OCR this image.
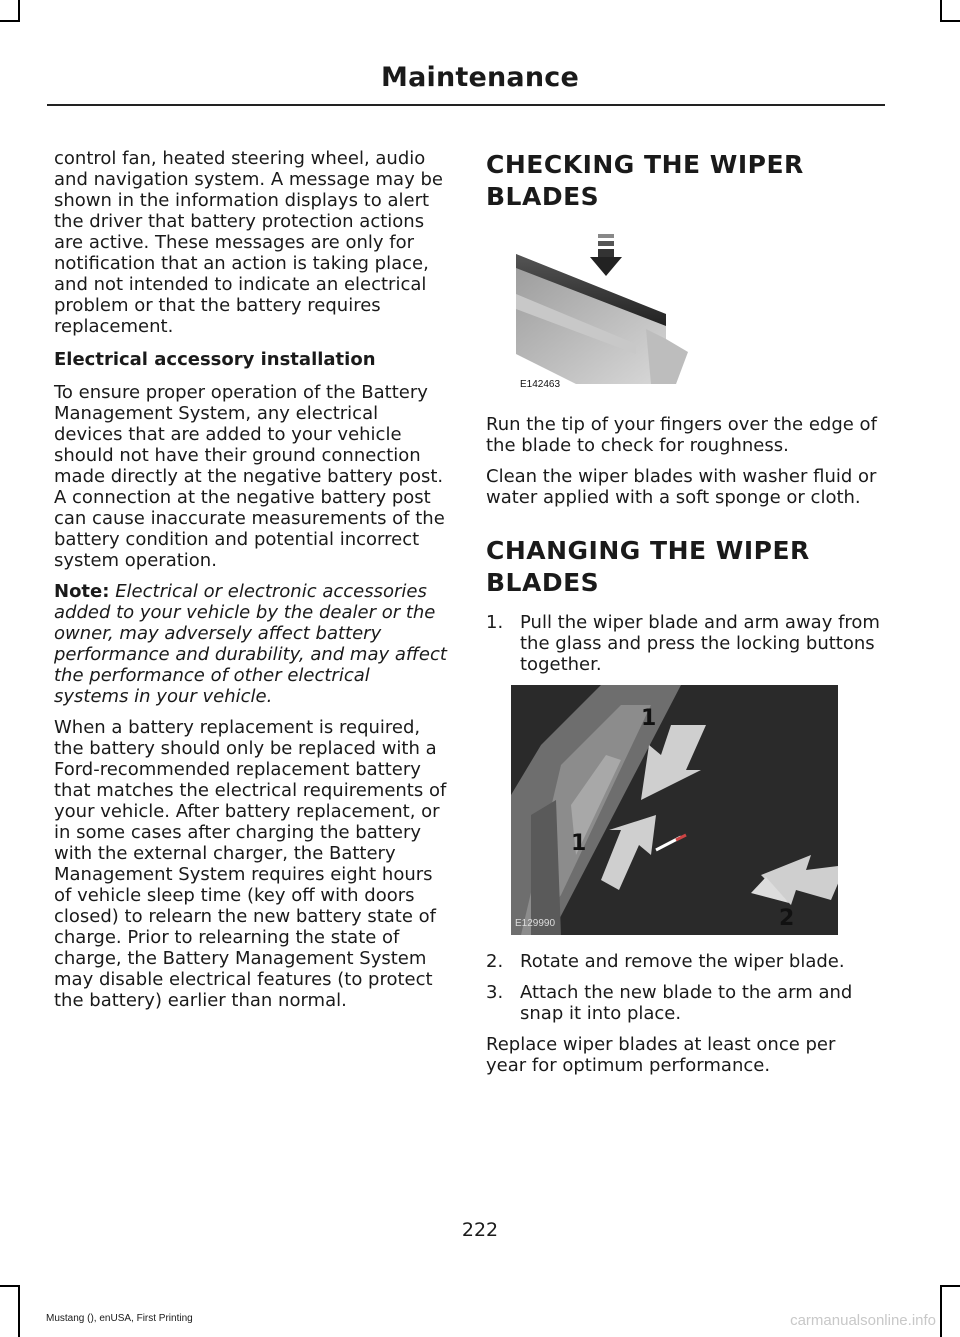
Maintenance

control fan, heated steering wheel, audio and navigation system. A message may be shown in the information displays to alert the driver that battery protection actions are active. These messages are only for notification that an action is taking place, and not intended to indicate an electrical problem or that the battery requires replacement.

Electrical accessory installation

To ensure proper operation of the Battery Management System, any electrical devices that are added to your vehicle should not have their ground connection made directly at the negative battery post. A connection at the negative battery post can cause inaccurate measurements of the battery condition and potential incorrect system operation.

Note: Electrical or electronic accessories added to your vehicle by the dealer or the owner, may adversely affect battery performance and durability, and may affect the performance of other electrical systems in your vehicle.

When a battery replacement is required, the battery should only be replaced with a Ford-recommended replacement battery that matches the electrical requirements of your vehicle. After battery replacement, or in some cases after charging the battery with the external charger, the Battery Management System requires eight hours of vehicle sleep time (key off with doors closed) to relearn the new battery state of charge. Prior to relearning the state of charge, the Battery Management System may disable electrical features (to protect the battery) earlier than normal.

CHECKING THE WIPER
BLADES
E142463

Run the tip of your fingers over the edge of the blade to check for roughness.

Clean the wiper blades with washer fluid or water applied with a soft sponge or cloth.

CHANGING THE WIPER
BLADES
1. Pull the wiper blade and arm away from the glass and press the locking buttons together.
1
1
2
E129990
2. Rotate and remove the wiper blade.
3. Attach the new blade to the arm and snap it into place.

Replace wiper blades at least once per year for optimum performance.

222
Mustang (), enUSA, First Printing	carmanualsonline.info
